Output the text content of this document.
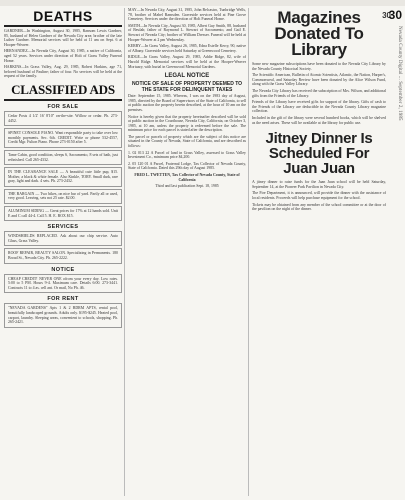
30
30
Nevada County Digital ... September 2, 1985
DEATHS

GARDNER—In Washington, August 30, 1985, Ransom Lewis Gardner, 85, husband of Helen Gardner of the Nevada City area; brother of the late Luther Gardner. Memorial services will be held at 11 am on Sept. 6 at Hooper-Weaver.

HERNANDEZ—In Nevada City, August 30, 1985, a native of California, aged 52 years. Services under direction of Holt of Grass Valley Funeral Home.

HARKINS—In Grass Valley, Aug. 29, 1985, Robert Harkins, age 71, beloved husband of Pauline; father of four. No services will be held at the request of the family.

CLASSIFIED ADS
FOR SALE

Cedar Posts 4 1/2' 16' 8'10" on-the-site. Willow or cedar. Ph. 273-4452.

SPINET CONSOLE PIANO. Want responsible party to take over low monthly payments. Sec. 6th. CREDIT. Write or phone 532-4557, Credit Mgr. Fulton Piano. Phone 273-0150 after 5.

Tame Cabin, good condition, sleeps 6, Sacramento, 8 sets of bath, just refinished. Call 265-4332.

IN THE CLEARANCE SALE — A beautiful cute little pup, $15. Mother, a black & white female. Also Kinkle, TORY. Small dark, rare gray, light and dark. 4 sets. Ph. 273-2432.

THE BARGAIN — Two bikes, on nice bar of yard. Partly all or used, very good. Leaving, sets not 25 rate. $2.00.

ALUMINUM SIDING — Great prices for 17% at 12 hands sold. Unit E and C call 44-4. Call 5. H. E. BOX $15.

SERVICES

WINDSHIELDS REPLACED. Ask about our chip service. Auto Glass, Grass Valley.

ROOF REPAIR, BEAUTY SALON. Specializing in Permanents. 180 Broad St., Nevada City. Ph. 265-2222.

NOTICE

CHEAP CREDIT! NEVER ONE ofrom your every day. Low rates. 5:00 to 5 PM. Hours 9-4. Maximum care. Details 6:00. 273-3441. Contracts 11 to 4 as. cell ant. Or mail, No Ph. 46.

FOR RENT

"NEVADA GARDENS" Apts 1 & 2 BDRM APTS, rental pool, beautifully landscaped grounds. Adults only. $195-$245. Heated pool, carport, laundry. Sleeping areas, convenient to schools, shopping. Ph. 265-2421.

MAY—In Nevada City, August 31, 1985, John Belcastro, Tunbridge Wells, 78, brother of Mabel Ramsden. Graveside services held at Pine Grove Cemetery. Services under the direction of Holt Funeral Home.

SMITH—In Nevada City, August 30, 1985, Albert Guy Smith, 88, husband of Beulah; father of Raymond L. Stewart of Sacramento, and Gail E. Stewart of Nevada City; brother of William Dresser. Funeral will be held at Hooper-Weaver at 2 pm Wednesday.

KERRY—In Grass Valley, August 26, 1985, Edna Estelle Kerry, 90, native of Albany. Graveside services held Saturday at Greenwood Cemetery.

RIDGE—In Grass Valley, August 29, 1985, Addie Ridge, 82, wife of Harold Ridge. Memorial services will be held at the Hooper-Weaver Mortuary, with burial in Greenwood Memorial Gardens.

LEGAL NOTICE
NOTICE OF SALE OF PROPERTY DEEMED TO THE STATE FOR DELINQUENT TAXES

Date: September 15, 1985. Whereas, I was on the 1983 day of August, 1985, directed by the Board of Supervisors of the State of California, to sell at public auction the property herein described, at the hour of 10 am on the premises.

Notice is hereby given that the property hereinafter described will be sold at public auction in the Courthouse, Nevada City, California, on October 3, 1985, at 10 am, unless the property is redeemed before the sale. The minimum price for each parcel is stated after the description.

The parcel or parcels of property which are the subject of this notice are situated in the County of Nevada, State of California, and are described as follows:

1. 02 013 22 A Parcel of land in Grass Valley, assessed to Grass Valley Investment Co., minimum price $4,200.

2. 05 120 01 A Parcel, Fraternal Lodge, Tax Collector of Nevada County, State of California. Dated this 29th day of August 1985.

FRED L. TWETTEN, Tax Collector of Nevada County, State of California

Third and last publication Sept. 18, 1985

Magazines Donated To Library

Some new magazine subscriptions have been donated to the Nevada City Library by the Nevada County Historical Society.

The Scientific American, Bulletin of Atomic Scientists, Atlantic, the Nation, Harper's, Commonweal, and Saturday Review have been donated by the Alice Wilson Fund, along with the Grass Valley Library.

The Nevada City Library has received the subscription of Mrs. Wilson, and additional gifts from the Friends of the Library.

Friends of the Library have received gifts for support of the library. Gifts of cash to the Friends of the Library are deductible in the Nevada County Library magazine collection.

Included in the gift of the library were several hundred books, which will be shelved as the need arises. These will be available at the library for public use.

Jitney Dinner Is Scheduled For Juan Juan

A jitney dinner to raise funds for the Juan Juan school will be held Saturday, September 14, at the Pioneer Park Pavilion in Nevada City.

The Fire Department, it is announced, will provide the dinner with the assistance of local residents. Proceeds will help purchase equipment for the school.

Tickets may be obtained from any member of the school committee or at the door of the pavilion on the night of the dinner.
